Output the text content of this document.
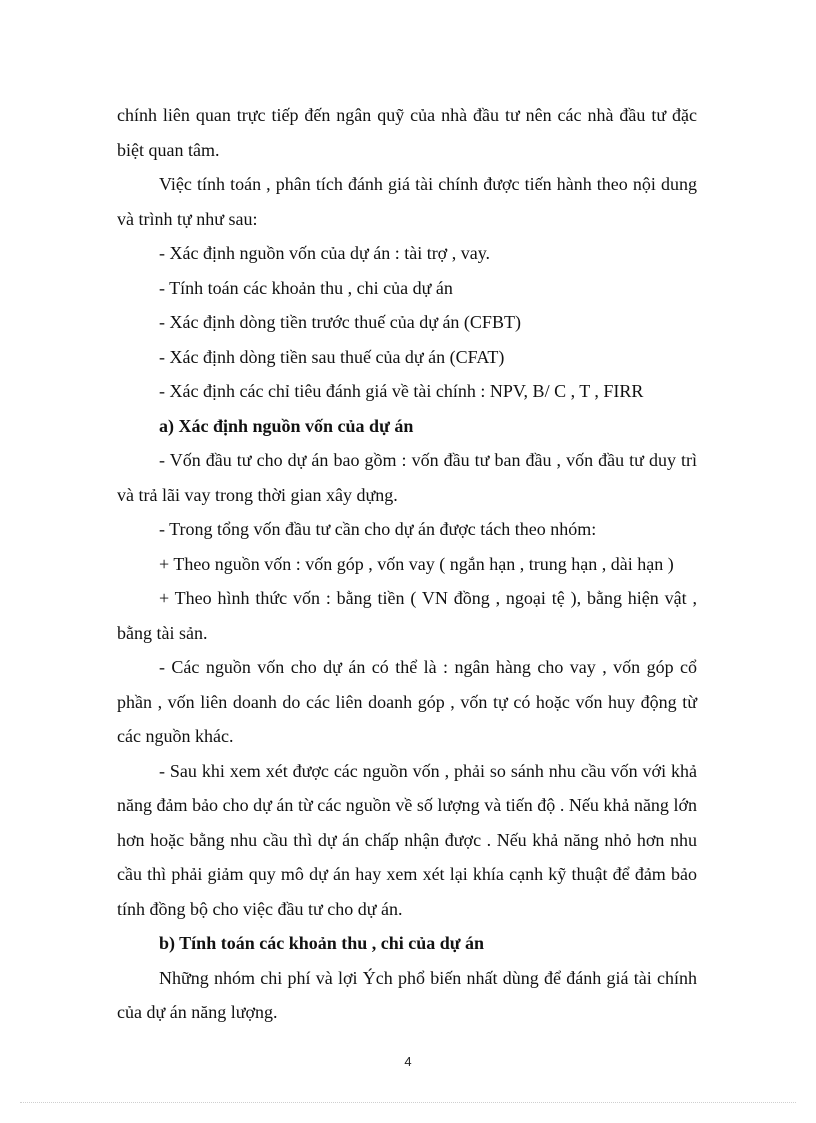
chính liên quan trực tiếp đến ngân quỹ của nhà đầu tư nên các nhà đầu tư đặc biệt quan tâm.

Việc tính toán , phân tích đánh giá tài chính được tiến hành theo nội dung và trình tự như sau:

- Xác định nguồn vốn của dự án : tài trợ , vay.

- Tính toán các khoản thu , chi của dự án

- Xác định dòng tiền trước thuế của dự án (CFBT)

- Xác định dòng tiền sau thuế của dự án (CFAT)

- Xác định các chỉ tiêu đánh giá về tài chính : NPV, B/ C , T , FIRR

a) Xác định nguồn vốn của dự án

- Vốn đầu tư cho dự án bao gồm : vốn đầu tư ban đầu , vốn đầu tư duy trì và trả lãi vay trong thời gian xây dựng.

- Trong tổng vốn đầu tư cần cho dự án được tách theo nhóm:

+ Theo nguồn vốn : vốn góp , vốn vay ( ngắn hạn , trung hạn , dài hạn )

+ Theo hình thức vốn : bằng tiền ( VN đồng , ngoại tệ ), bằng hiện vật , bằng tài sản.

- Các nguồn vốn cho dự án có thể là : ngân hàng cho vay , vốn góp cổ phần , vốn liên doanh do các liên doanh góp , vốn tự có hoặc vốn huy động từ các nguồn khác.

- Sau khi xem xét được các nguồn vốn , phải so sánh nhu cầu vốn với khả năng đảm bảo cho dự án từ các nguồn về số lượng và tiến độ . Nếu khả năng lớn hơn hoặc bằng nhu cầu thì dự án chấp nhận được . Nếu khả năng nhỏ hơn nhu cầu thì phải giảm quy mô dự án hay xem xét lại khía cạnh kỹ thuật để đảm bảo tính đồng bộ cho việc đầu tư cho dự án.

b) Tính toán các khoản thu , chi của dự án

Những nhóm chi phí và lợi Ých phổ biến nhất dùng để đánh giá tài chính của dự án năng lượng.

4
